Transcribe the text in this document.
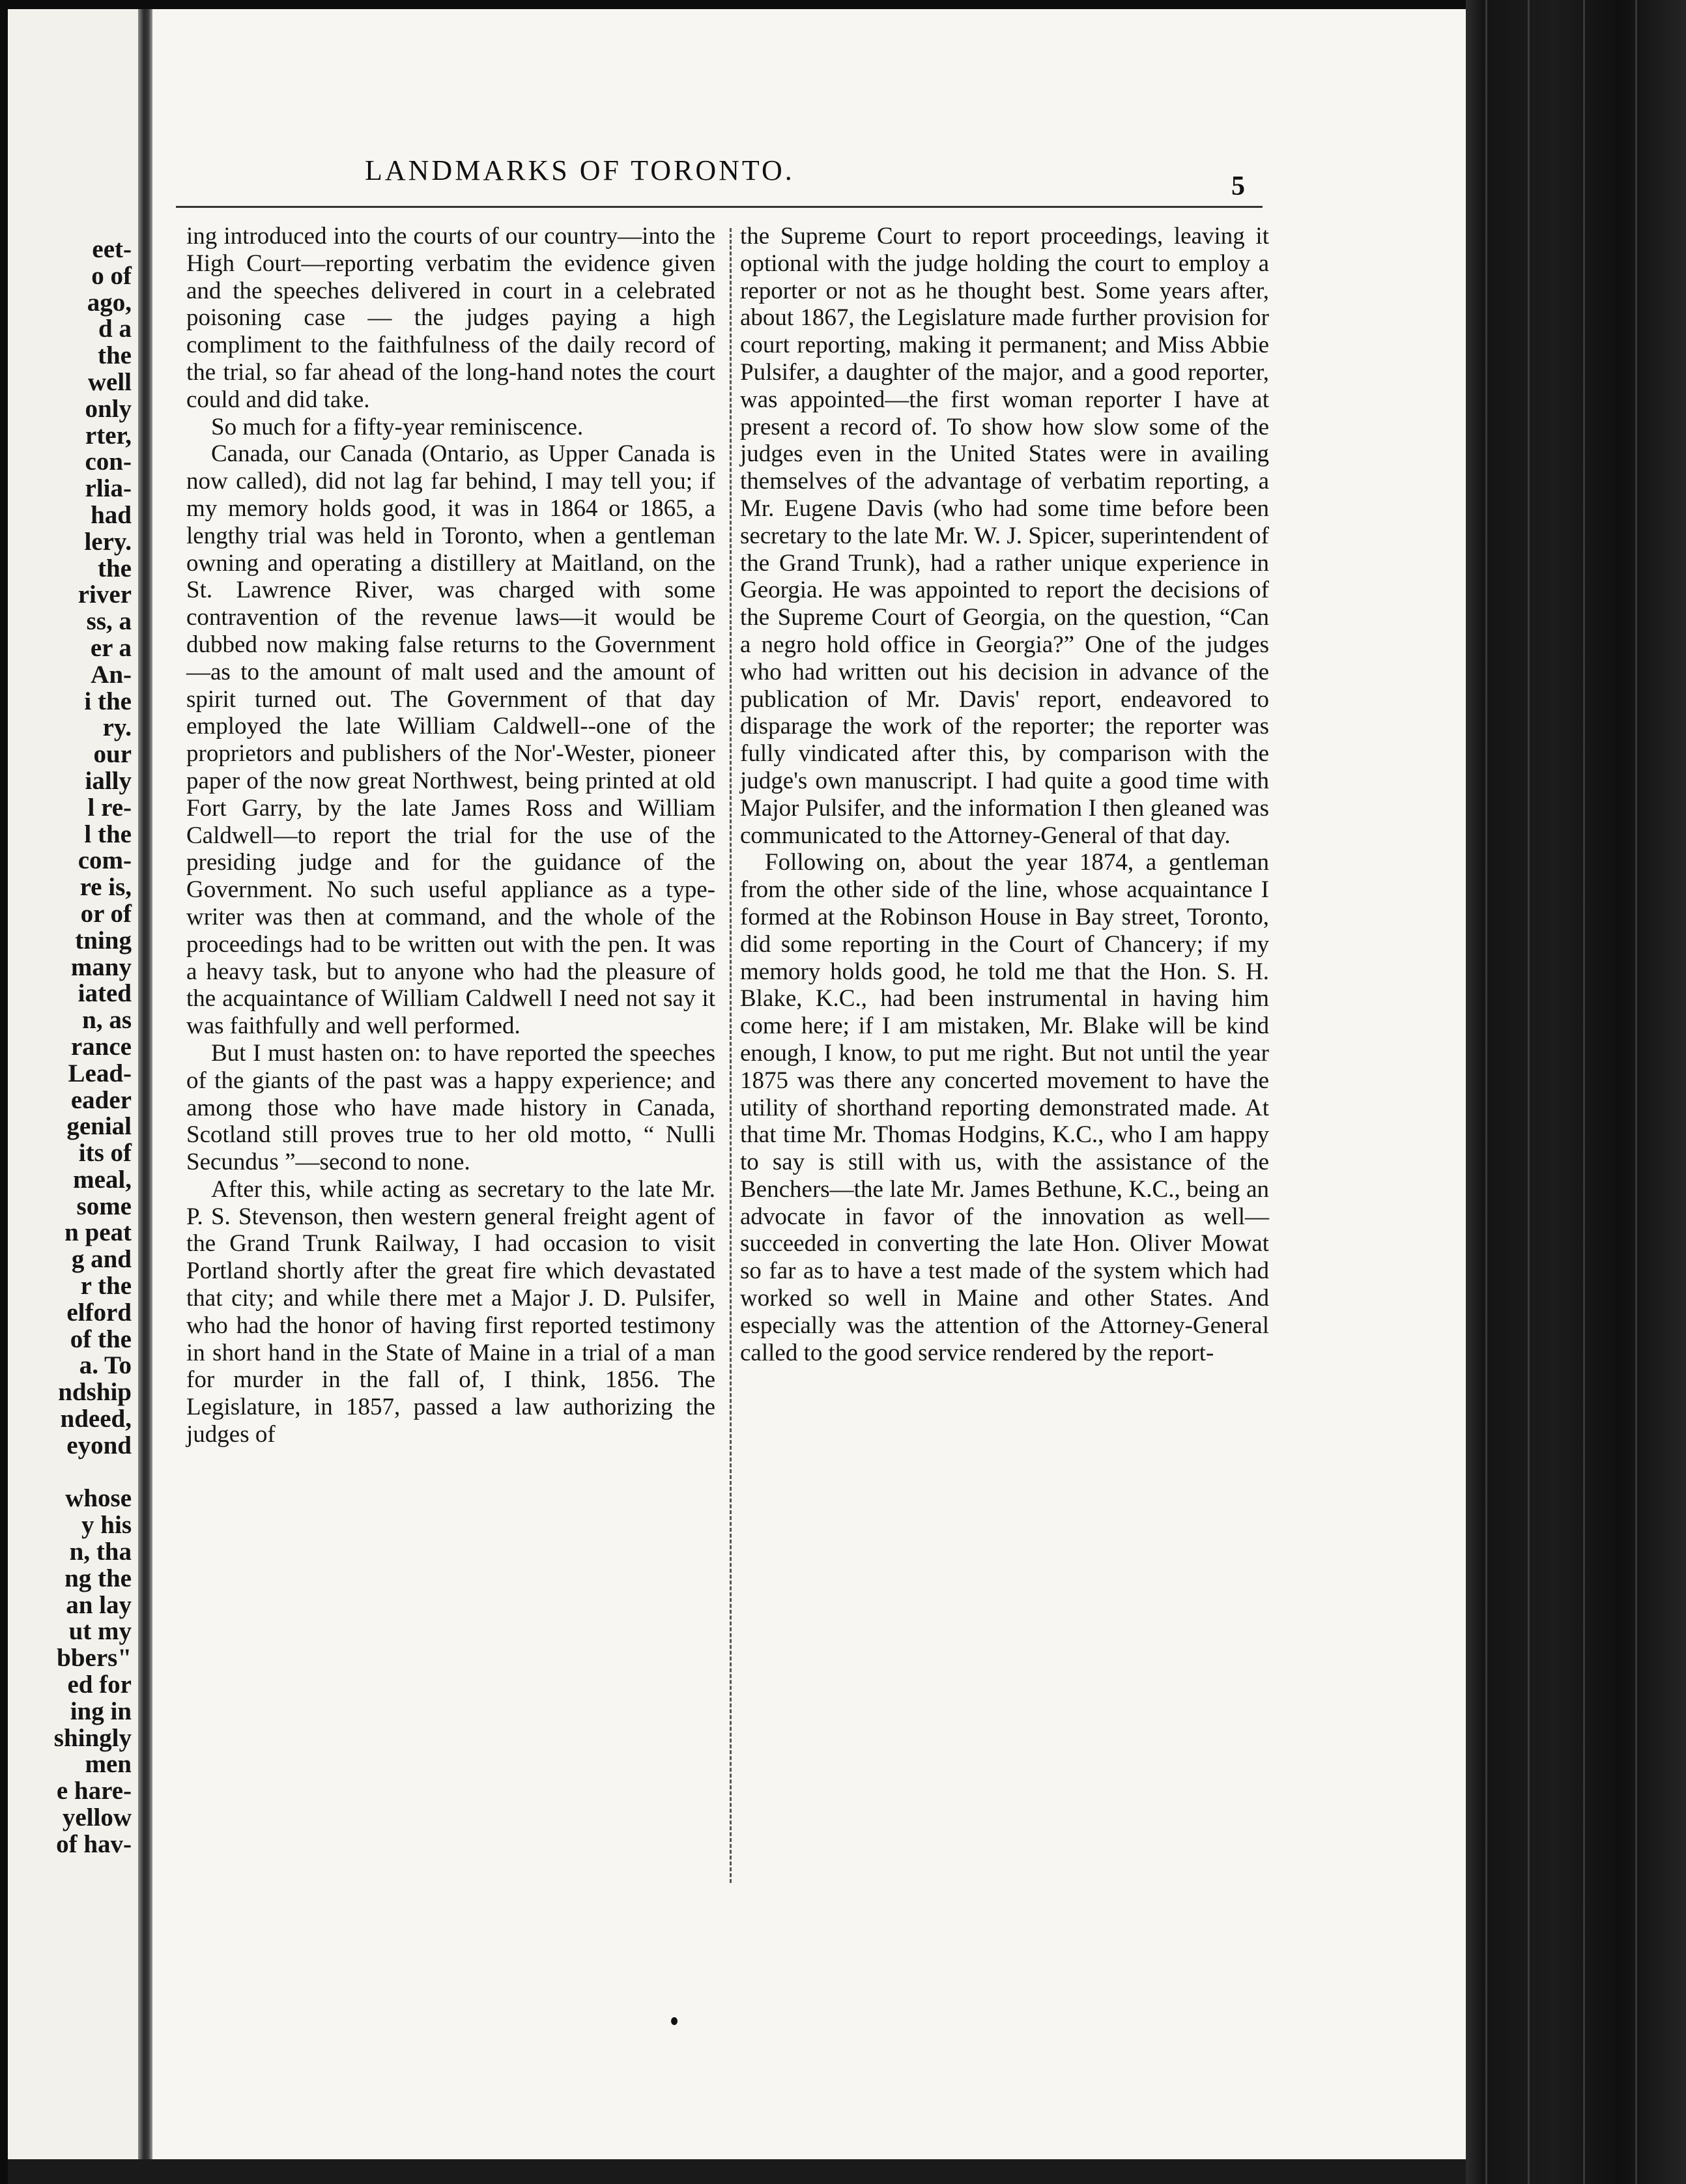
eet-
o of
ago,
d a
the
well
only
rter,
con-
rlia-
had
lery.
the
river
ss, a
er a
An-
i the
ry.
our
ially
l re-
l the
com-
re is,
or of
tning
many
iated
n, as
rance
Lead-
eader
genial
its of
meal,
some
n peat
g and
r the
elford
of the
a. To
ndship
ndeed,
eyond
whose
y his
n, tha
ng the
an lay
ut my
bbers"
ed for
ing in
shingly
men
e hare-
yellow
of hav-
LANDMARKS OF TORONTO.	5

ing introduced into the courts of our country—into the High Court—reporting verbatim the evidence given and the speeches delivered in court in a celebrated poisoning case — the judges paying a high compliment to the faithfulness of the daily record of the trial, so far ahead of the long-hand notes the court could and did take.

So much for a fifty-year reminiscence.

Canada, our Canada (Ontario, as Upper Canada is now called), did not lag far behind, I may tell you; if my memory holds good, it was in 1864 or 1865, a lengthy trial was held in Toronto, when a gentleman owning and operating a distillery at Maitland, on the St. Lawrence River, was charged with some contravention of the revenue laws—it would be dubbed now making false returns to the Government—as to the amount of malt used and the amount of spirit turned out. The Government of that day employed the late William Caldwell--one of the proprietors and publishers of the Nor'-Wester, pioneer paper of the now great Northwest, being printed at old Fort Garry, by the late James Ross and William Caldwell—to report the trial for the use of the presiding judge and for the guidance of the Government. No such useful appliance as a type-writer was then at command, and the whole of the proceedings had to be written out with the pen. It was a heavy task, but to anyone who had the pleasure of the acquaintance of William Caldwell I need not say it was faithfully and well performed.

But I must hasten on: to have reported the speeches of the giants of the past was a happy experience; and among those who have made history in Canada, Scotland still proves true to her old motto, “ Nulli Secundus ”—second to none.

After this, while acting as secretary to the late Mr. P. S. Stevenson, then western general freight agent of the Grand Trunk Railway, I had occasion to visit Portland shortly after the great fire which devastated that city; and while there met a Major J. D. Pulsifer, who had the honor of having first reported testimony in short hand in the State of Maine in a trial of a man for murder in the fall of, I think, 1856. The Legislature, in 1857, passed a law authorizing the judges of

the Supreme Court to report proceedings, leaving it optional with the judge holding the court to employ a reporter or not as he thought best. Some years after, about 1867, the Legislature made further provision for court reporting, making it permanent; and Miss Abbie Pulsifer, a daughter of the major, and a good reporter, was appointed—the first woman reporter I have at present a record of. To show how slow some of the judges even in the United States were in availing themselves of the advantage of verbatim reporting, a Mr. Eugene Davis (who had some time before been secretary to the late Mr. W. J. Spicer, superintendent of the Grand Trunk), had a rather unique experience in Georgia. He was appointed to report the decisions of the Supreme Court of Georgia, on the question, “Can a negro hold office in Georgia?” One of the judges who had written out his decision in advance of the publication of Mr. Davis' report, endeavored to disparage the work of the reporter; the reporter was fully vindicated after this, by comparison with the judge's own manuscript. I had quite a good time with Major Pulsifer, and the information I then gleaned was communicated to the Attorney-General of that day.

Following on, about the year 1874, a gentleman from the other side of the line, whose acquaintance I formed at the Robinson House in Bay street, Toronto, did some reporting in the Court of Chancery; if my memory holds good, he told me that the Hon. S. H. Blake, K.C., had been instrumental in having him come here; if I am mistaken, Mr. Blake will be kind enough, I know, to put me right. But not until the year 1875 was there any concerted movement to have the utility of shorthand reporting demonstrated made. At that time Mr. Thomas Hodgins, K.C., who I am happy to say is still with us, with the assistance of the Benchers—the late Mr. James Bethune, K.C., being an advocate in favor of the innovation as well—succeeded in converting the late Hon. Oliver Mowat so far as to have a test made of the system which had worked so well in Maine and other States. And especially was the attention of the Attorney-General called to the good service rendered by the report-
